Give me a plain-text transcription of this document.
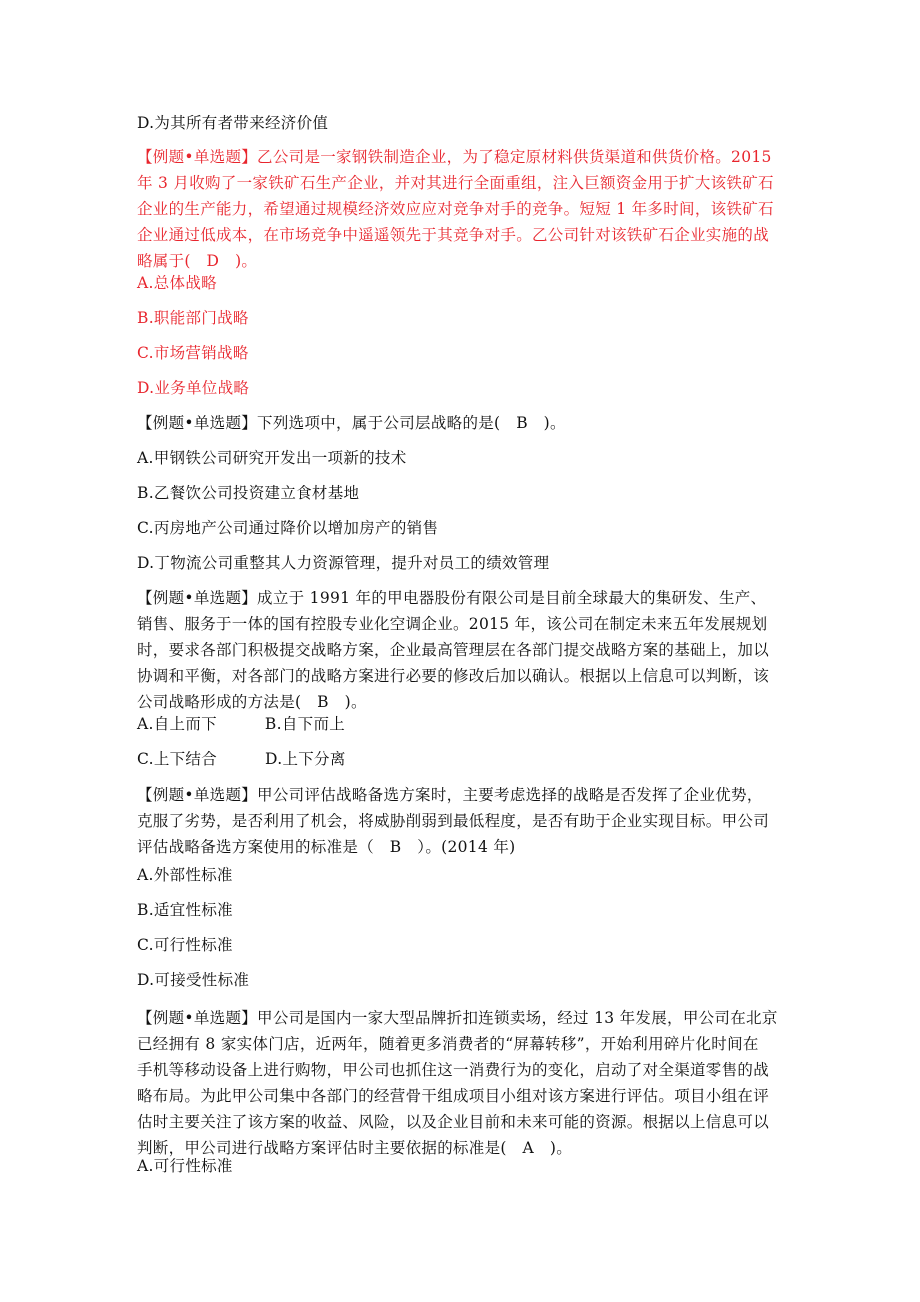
D.为其所有者带来经济价值
【例题•单选题】乙公司是一家钢铁制造企业，为了稳定原材料供货渠道和供货价格。2015
年 3 月收购了一家铁矿石生产企业，并对其进行全面重组，注入巨额资金用于扩大该铁矿石
企业的生产能力，希望通过规模经济效应应对竞争对手的竞争。短短 1 年多时间，该铁矿石
企业通过低成本，在市场竞争中遥遥领先于其竞争对手。乙公司针对该铁矿石企业实施的战
略属于(　D　)。
A.总体战略
B.职能部门战略
C.市场营销战略
D.业务单位战略
【例题•单选题】下列选项中，属于公司层战略的是(　B　)。
A.甲钢铁公司研究开发出一项新的技术
B.乙餐饮公司投资建立食材基地
C.丙房地产公司通过降价以增加房产的销售
D.丁物流公司重整其人力资源管理，提升对员工的绩效管理
【例题•单选题】成立于 1991 年的甲电器股份有限公司是目前全球最大的集研发、生产、
销售、服务于一体的国有控股专业化空调企业。2015 年，该公司在制定未来五年发展规划
时，要求各部门积极提交战略方案，企业最高管理层在各部门提交战略方案的基础上，加以
协调和平衡，对各部门的战略方案进行必要的修改后加以确认。根据以上信息可以判断，该
公司战略形成的方法是(　B　)。
A.自上而下	B.自下而上
C.上下结合	D.上下分离
【例题•单选题】甲公司评估战略备选方案时，主要考虑选择的战略是否发挥了企业优势，
克服了劣势，是否利用了机会，将威胁削弱到最低程度，是否有助于企业实现目标。甲公司
评估战略备选方案使用的标准是（　B　）。(2014 年)
A.外部性标准
B.适宜性标准
C.可行性标准
D.可接受性标准
【例题•单选题】甲公司是国内一家大型品牌折扣连锁卖场，经过 13 年发展，甲公司在北京
已经拥有 8 家实体门店，近两年，随着更多消费者的“屏幕转移”，开始利用碎片化时间在
手机等移动设备上进行购物，甲公司也抓住这一消费行为的变化，启动了对全渠道零售的战
略布局。为此甲公司集中各部门的经营骨干组成项目小组对该方案进行评估。项目小组在评
估时主要关注了该方案的收益、风险，以及企业目前和未来可能的资源。根据以上信息可以
判断，甲公司进行战略方案评估时主要依据的标准是(　A　)。
A.可行性标准
